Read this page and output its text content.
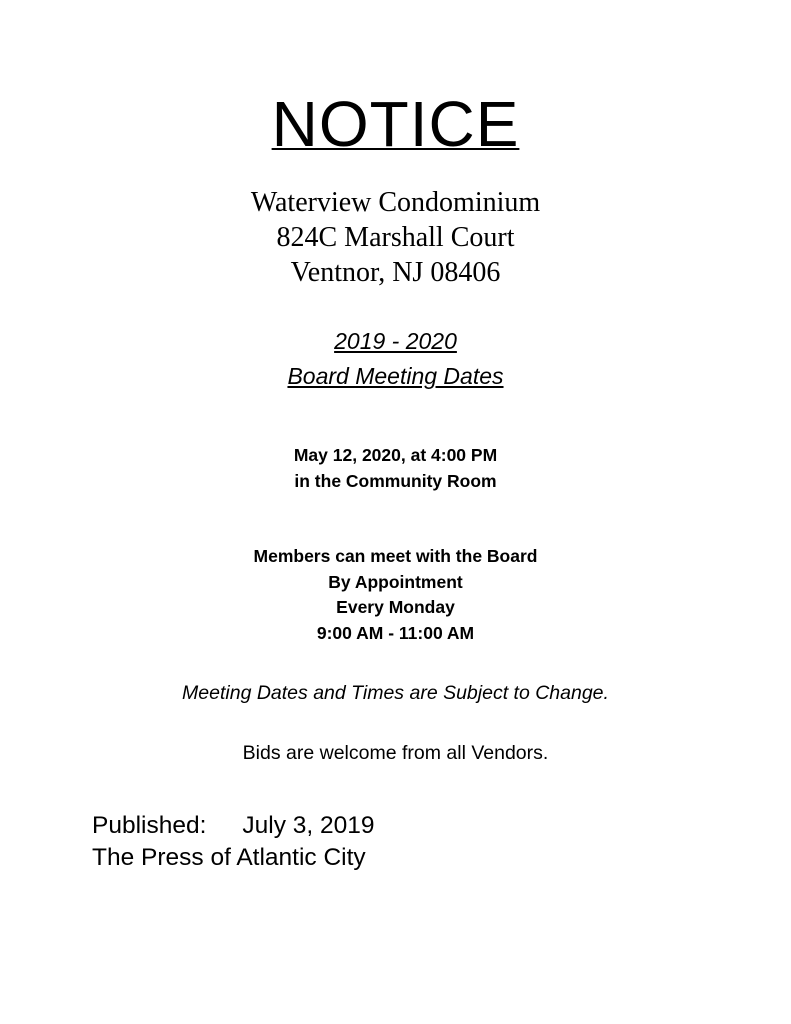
NOTICE

Waterview Condominium

824C Marshall Court

Ventnor, NJ 08406

2019 - 2020

Board Meeting Dates

May 12, 2020, at 4:00 PM

in the Community Room

Members can meet with the Board

By Appointment

Every Monday

9:00 AM - 11:00 AM

Meeting Dates and Times are Subject to Change.

Bids are welcome from all Vendors.

Published: July 3, 2019

The Press of Atlantic City
